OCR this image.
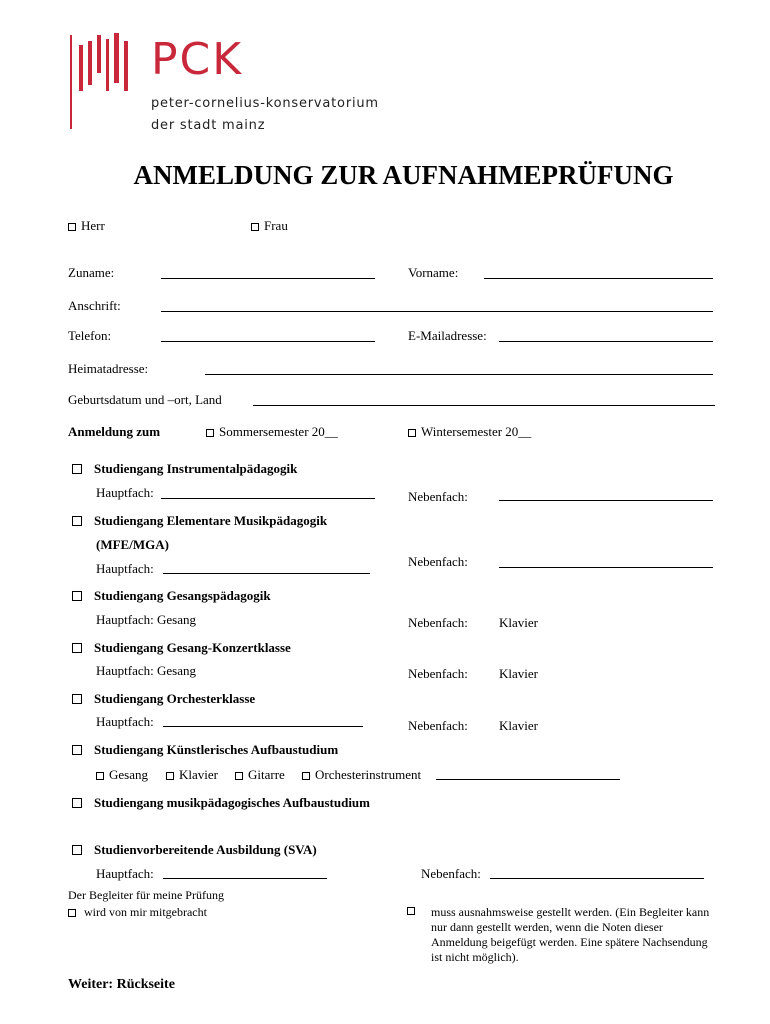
PCK
peter-cornelius-konservatorium
der stadt mainz
ANMELDUNG ZUR AUFNAHMEPRÜFUNG
Herr	Frau
Zuname:	Vorname:
Anschrift:
Telefon:	E-Mailadresse:
Heimatadresse:
Geburtsdatum und –ort, Land
Anmeldung zum	Sommersemester 20__	Wintersemester 20__
Studiengang Instrumentalpädagogik
Hauptfach:	Nebenfach:
Studiengang Elementare Musikpädagogik
(MFE/MGA)
Hauptfach:	Nebenfach:
Studiengang Gesangspädagogik
Hauptfach: Gesang	Nebenfach: Klavier
Studiengang Gesang-Konzertklasse
Hauptfach: Gesang	Nebenfach: Klavier
Studiengang Orchesterklasse
Hauptfach:	Nebenfach: Klavier
Studiengang Künstlerisches Aufbaustudium
Gesang	Klavier	Gitarre	Orchesterinstrument
Studiengang musikpädagogisches Aufbaustudium
Studienvorbereitende Ausbildung (SVA)
Hauptfach:	Nebenfach:
Der Begleiter für meine Prüfung
wird von mir mitgebracht	muss ausnahmsweise gestellt werden. (Ein Begleiter kann nur dann gestellt werden, wenn die Noten dieser Anmeldung beigefügt werden. Eine spätere Nachsendung ist nicht möglich).
Weiter: Rückseite
